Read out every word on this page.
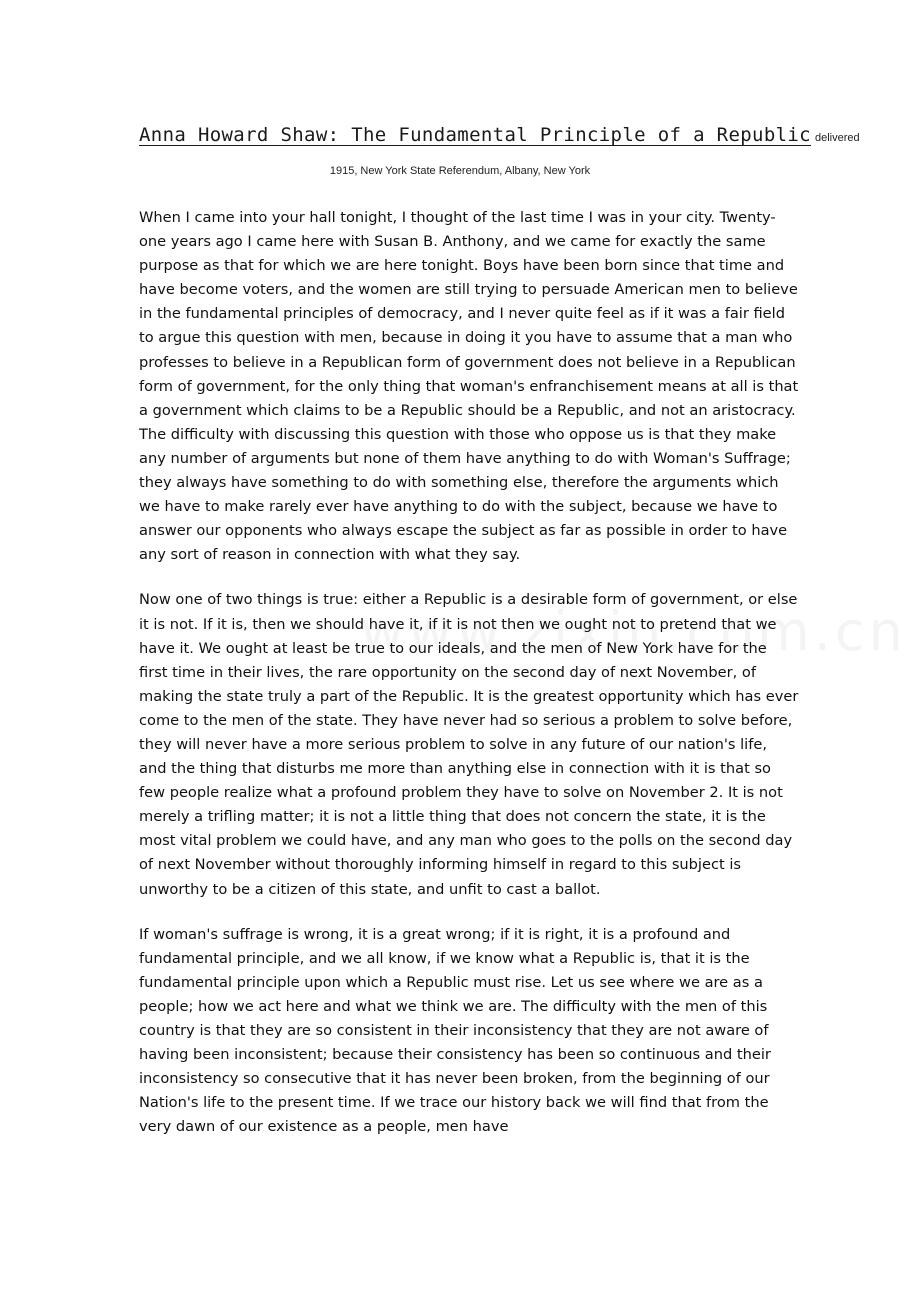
Anna Howard Shaw: The Fundamental Principle of a Republic delivered
1915, New York State Referendum, Albany, New York

When I came into your hall tonight, I thought of the last time I was in your city. Twenty-one years ago I came here with Susan B. Anthony, and we came for exactly the same purpose as that for which we are here tonight. Boys have been born since that time and have become voters, and the women are still trying to persuade American men to believe in the fundamental principles of democracy, and I never quite feel as if it was a fair field to argue this question with men, because in doing it you have to assume that a man who professes to believe in a Republican form of government does not believe in a Republican form of government, for the only thing that woman's enfranchisement means at all is that a government which claims to be a Republic should be a Republic, and not an aristocracy. The difficulty with discussing this question with those who oppose us is that they make any number of arguments but none of them have anything to do with Woman's Suffrage; they always have something to do with something else, therefore the arguments which we have to make rarely ever have anything to do with the subject, because we have to answer our opponents who always escape the subject as far as possible in order to have any sort of reason in connection with what they say.

Now one of two things is true: either a Republic is a desirable form of government, or else it is not. If it is, then we should have it, if it is not then we ought not to pretend that we have it. We ought at least be true to our ideals, and the men of New York have for the first time in their lives, the rare opportunity on the second day of next November, of making the state truly a part of the Republic. It is the greatest opportunity which has ever come to the men of the state. They have never had so serious a problem to solve before, they will never have a more serious problem to solve in any future of our nation's life, and the thing that disturbs me more than anything else in connection with it is that so few people realize what a profound problem they have to solve on November 2. It is not merely a trifling matter; it is not a little thing that does not concern the state, it is the most vital problem we could have, and any man who goes to the polls on the second day of next November without thoroughly informing himself in regard to this subject is unworthy to be a citizen of this state, and unfit to cast a ballot.

If woman's suffrage is wrong, it is a great wrong; if it is right, it is a profound and fundamental principle, and we all know, if we know what a Republic is, that it is the fundamental principle upon which a Republic must rise. Let us see where we are as a people; how we act here and what we think we are. The difficulty with the men of this country is that they are so consistent in their inconsistency that they are not aware of having been inconsistent; because their consistency has been so continuous and their inconsistency so consecutive that it has never been broken, from the beginning of our Nation's life to the present time. If we trace our history back we will find that from the very dawn of our existence as a people, men have
